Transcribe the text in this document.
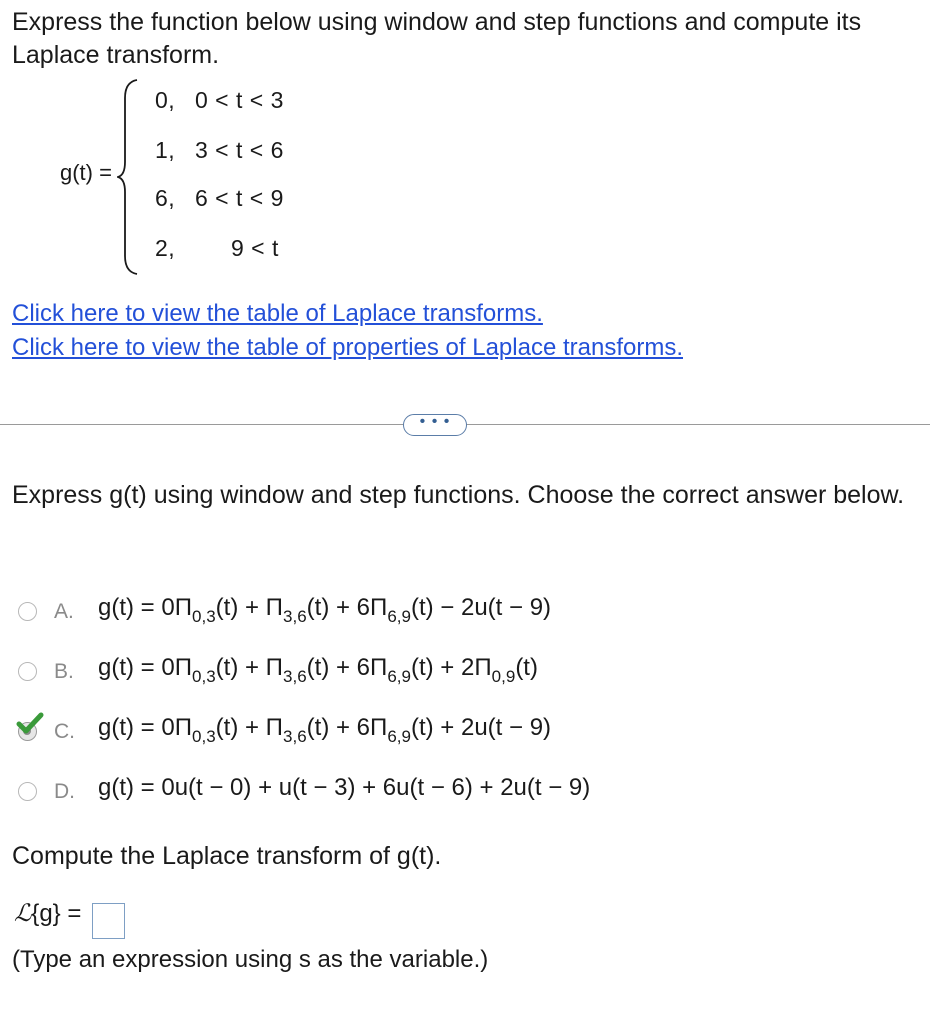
Express the function below using window and step functions and compute its Laplace transform.

g(t) =
0, 0 < t < 3
1, 3 < t < 6
6, 6 < t < 9
2, 9 < t
Click here to view the table of Laplace transforms.
Click here to view the table of properties of Laplace transforms.
• • •
Express g(t) using window and step functions. Choose the correct answer below.
A. $g(t) = 0\Pi_{0,3}(t) + \Pi_{3,6}(t) + 6\Pi_{6,9}(t) - 2u(t - 9)$
B. $g(t) = 0\Pi_{0,3}(t) + \Pi_{3,6}(t) + 6\Pi_{6,9}(t) + 2\Pi_{0,9}(t)$
C. $g(t) = 0\Pi_{0,3}(t) + \Pi_{3,6}(t) + 6\Pi_{6,9}(t) + 2u(t - 9)$
D. g(t) = 0u(t − 0) + u(t − 3) + 6u(t − 6) + 2u(t − 9)
Compute the Laplace transform of g(t).
ℒ{g} =
(Type an expression using s as the variable.)
